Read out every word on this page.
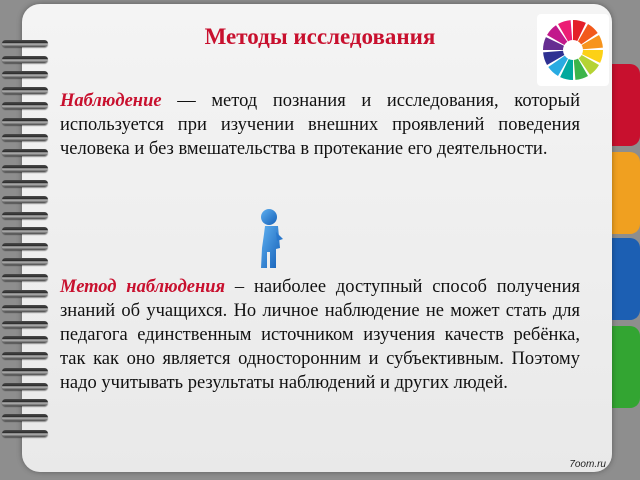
Методы исследования
Наблюдение — метод познания и исследования, который используется при изучении внешних проявлений поведения человека и без вмешательства в протекание его деятельности.
Метод наблюдения – наиболее доступный способ получения знаний об учащихся. Но личное наблюдение не может стать для педагога единственным источником изучения качеств ребёнка, так как оно является односторонним и субъективным. Поэтому надо учитывать результаты наблюдений и других людей.
7oom.ru
